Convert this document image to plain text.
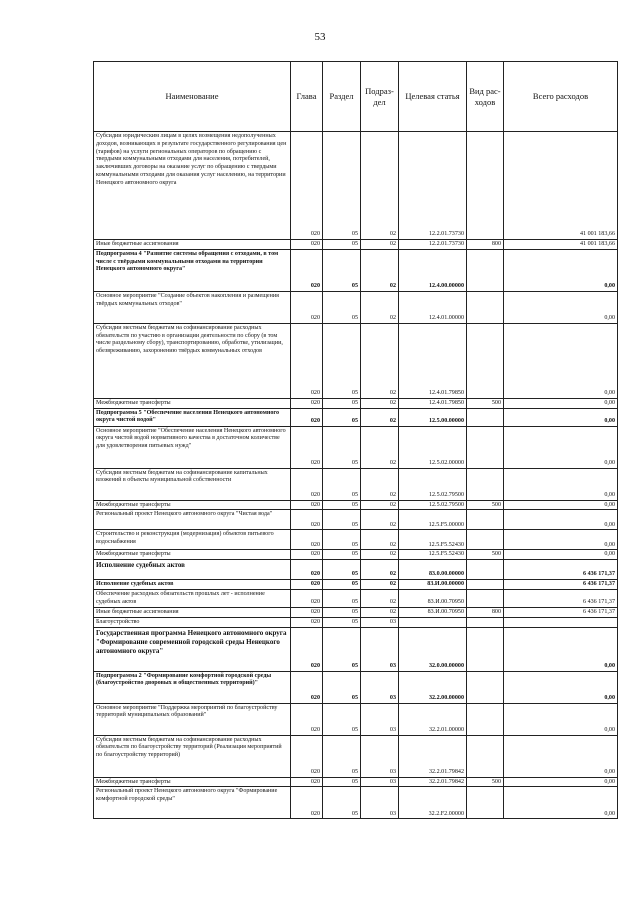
53
Наименование	Глава	Раздел	Подраз-дел	Целевая статья	Вид рас-ходов	Всего расходов
Субсидии юридическим лицам в целях возмещения недополученных доходов, возникающих в результате государственного регулирования цен (тарифов) на услуги региональных операторов по обращению с твердыми коммунальными отходами для населения, потребителей, заключивших договоры на оказание услуг по обращению с твердыми коммунальными отходами для оказания услуг населению, на территории Ненецкого автономного округа	020	05	02	12.2.01.73730		41 001 183,66
Иные бюджетные ассигнования	020	05	02	12.2.01.73730	800	41 001 183,66
Подпрограмма 4 "Развитие системы обращения с отходами, в том числе с твёрдыми коммунальными отходами на территории Ненецкого автономного округа"	020	05	02	12.4.00.00000		0,00
Основное мероприятие "Создание объектов накопления и размещения твёрдых коммунальных отходов"	020	05	02	12.4.01.00000		0,00
Субсидии местным бюджетам на софинансирование расходных обязательств по участию в организации деятельности по сбору (в том числе раздельному сбору), транспортированию, обработке, утилизации, обезвреживанию, захоронению твёрдых коммунальных отходов	020	05	02	12.4.01.79850		0,00
Межбюджетные трансферты	020	05	02	12.4.01.79850	500	0,00
Подпрограмма 5 "Обеспечение населения Ненецкого автономного округа чистой водой"	020	05	02	12.5.00.00000		0,00
Основное мероприятие "Обеспечение населения Ненецкого автономного округа чистой водой нормативного качества в достаточном количестве для удовлетворения питьевых нужд"	020	05	02	12.5.02.00000		0,00
Субсидии местным бюджетам на софинансирование капитальных вложений в объекты муниципальной собственности	020	05	02	12.5.02.79500		0,00
Межбюджетные трансферты	020	05	02	12.5.02.79500	500	0,00
Региональный проект Ненецкого автономного округа "Чистая вода"	020	05	02	12.5.F5.00000		0,00
Строительство и реконструкция (модернизация) объектов питьевого водоснабжения	020	05	02	12.5.F5.52430		0,00
Межбюджетные трансферты	020	05	02	12.5.F5.52430	500	0,00
Исполнение судебных актов	020	05	02	83.0.00.00000		6 436 171,37
Исполнение судебных актов	020	05	02	83.И.00.00000		6 436 171,37
Обеспечение расходных обязательств прошлых лет - исполнение судебных актов	020	05	02	83.И.00.70950		6 436 171,37
Иные бюджетные ассигнования	020	05	02	83.И.00.70950	800	6 436 171,37
Благоустройство	020	05	03			
Государственная программа Ненецкого автономного округа "Формирование современной городской среды Ненецкого автономного округа"	020	05	03	32.0.00.00000		0,00
Подпрограмма 2 "Формирование комфортной городской среды (благоустройство дворовых и общественных территорий)"	020	05	03	32.2.00.00000		0,00
Основное мероприятие "Поддержка мероприятий по благоустройству территорий муниципальных образований"	020	05	03	32.2.01.00000		0,00
Субсидии местным бюджетам на софинансирование расходных обязательств по благоустройству территорий (Реализация мероприятий по благоустройству территорий)	020	05	03	32.2.01.79842		0,00
Межбюджетные трансферты	020	05	03	32.2.01.79842	500	0,00
Региональный проект Ненецкого автономного округа "Формирование комфортной городской среды"	020	05	03	32.2.F2.00000		0,00
